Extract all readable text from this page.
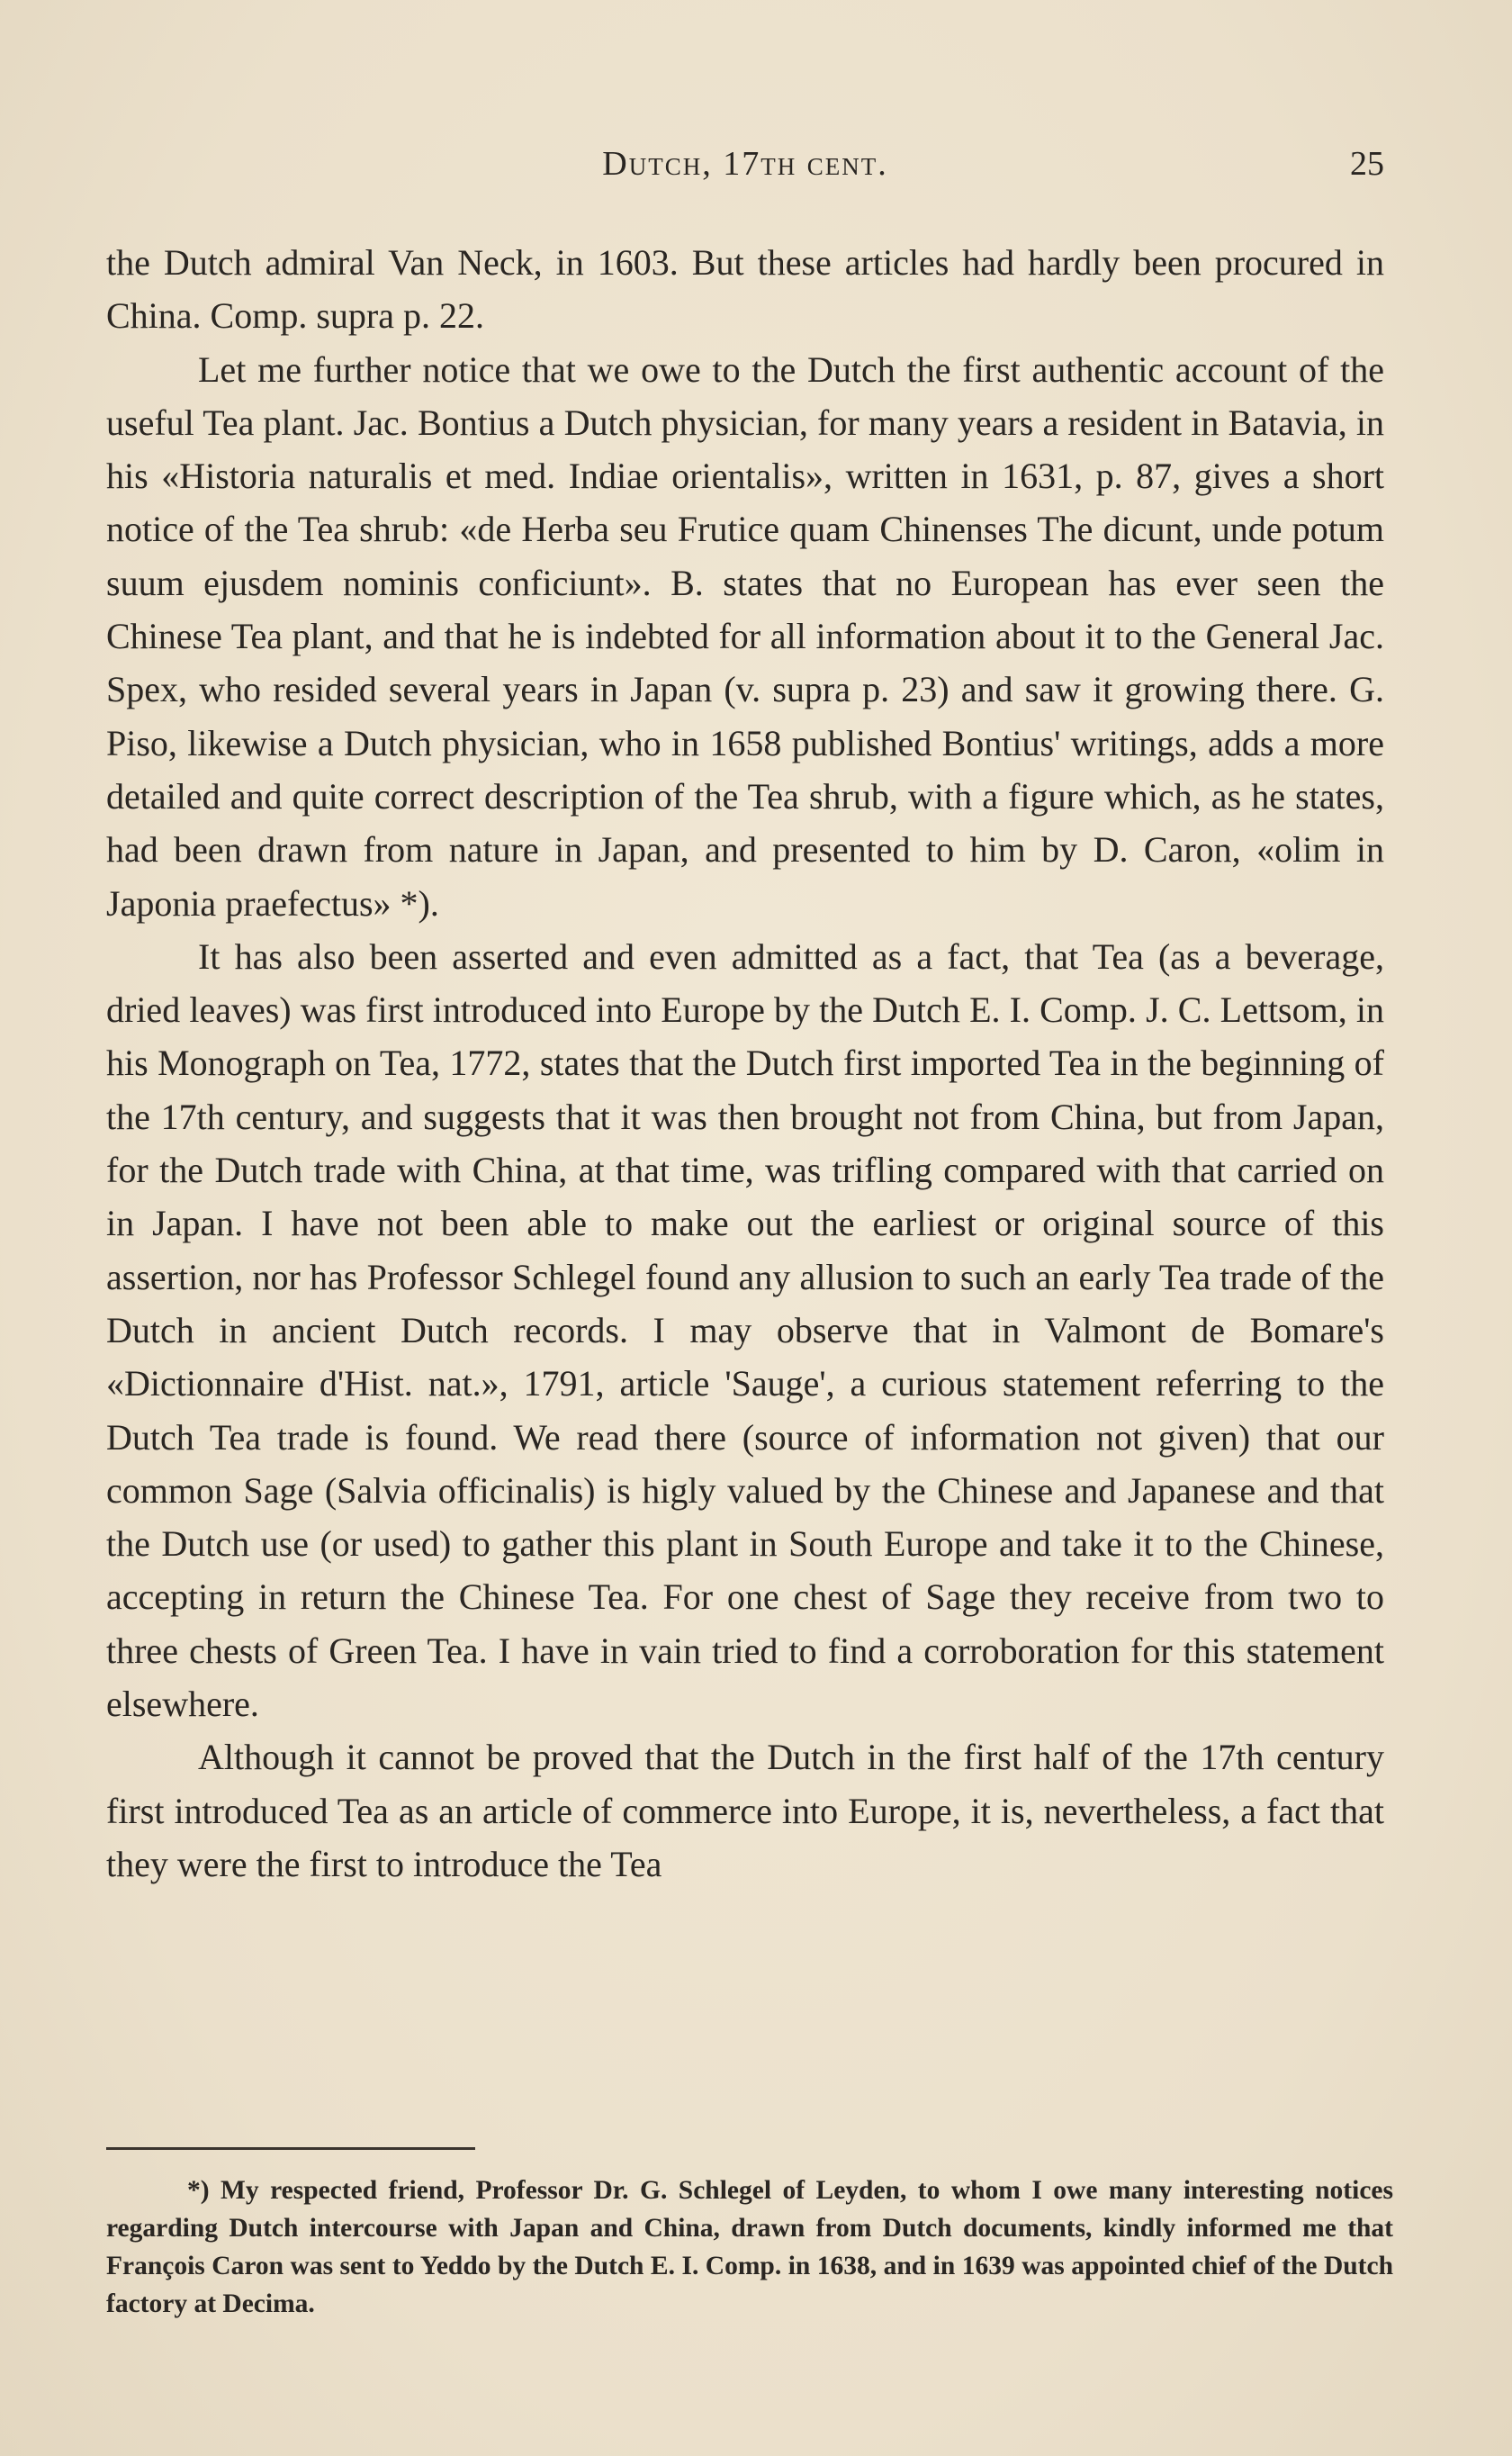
Dutch, 17th cent.	25

the Dutch admiral Van Neck, in 1603. But these articles had hardly been procured in China. Comp. supra p. 22.

Let me further notice that we owe to the Dutch the first authentic account of the useful Tea plant. Jac. Bontius a Dutch physician, for many years a resident in Batavia, in his «Historia naturalis et med. Indiae orientalis», written in 1631, p. 87, gives a short notice of the Tea shrub: «de Herba seu Frutice quam Chinenses The dicunt, unde potum suum ejusdem nominis conficiunt». B. states that no European has ever seen the Chinese Tea plant, and that he is indebted for all information about it to the General Jac. Spex, who resided several years in Japan (v. supra p. 23) and saw it growing there. G. Piso, likewise a Dutch physician, who in 1658 published Bontius' writings, adds a more detailed and quite correct description of the Tea shrub, with a figure which, as he states, had been drawn from nature in Japan, and presented to him by D. Caron, «olim in Japonia praefectus» *).

It has also been asserted and even admitted as a fact, that Tea (as a beverage, dried leaves) was first introduced into Europe by the Dutch E. I. Comp. J. C. Lettsom, in his Monograph on Tea, 1772, states that the Dutch first imported Tea in the beginning of the 17th century, and suggests that it was then brought not from China, but from Japan, for the Dutch trade with China, at that time, was trifling compared with that carried on in Japan. I have not been able to make out the earliest or original source of this assertion, nor has Professor Schlegel found any allusion to such an early Tea trade of the Dutch in ancient Dutch records. I may observe that in Valmont de Bomare's «Dictionnaire d'Hist. nat.», 1791, article 'Sauge', a curious statement referring to the Dutch Tea trade is found. We read there (source of information not given) that our common Sage (Salvia officinalis) is higly valued by the Chinese and Japanese and that the Dutch use (or used) to gather this plant in South Europe and take it to the Chinese, accepting in return the Chinese Tea. For one chest of Sage they receive from two to three chests of Green Tea. I have in vain tried to find a corroboration for this statement elsewhere.

Although it cannot be proved that the Dutch in the first half of the 17th century first introduced Tea as an article of commerce into Europe, it is, nevertheless, a fact that they were the first to introduce the Tea

*) My respected friend, Professor Dr. G. Schlegel of Leyden, to whom I owe many interesting notices regarding Dutch intercourse with Japan and China, drawn from Dutch documents, kindly informed me that François Caron was sent to Yeddo by the Dutch E. I. Comp. in 1638, and in 1639 was appointed chief of the Dutch factory at Decima.
